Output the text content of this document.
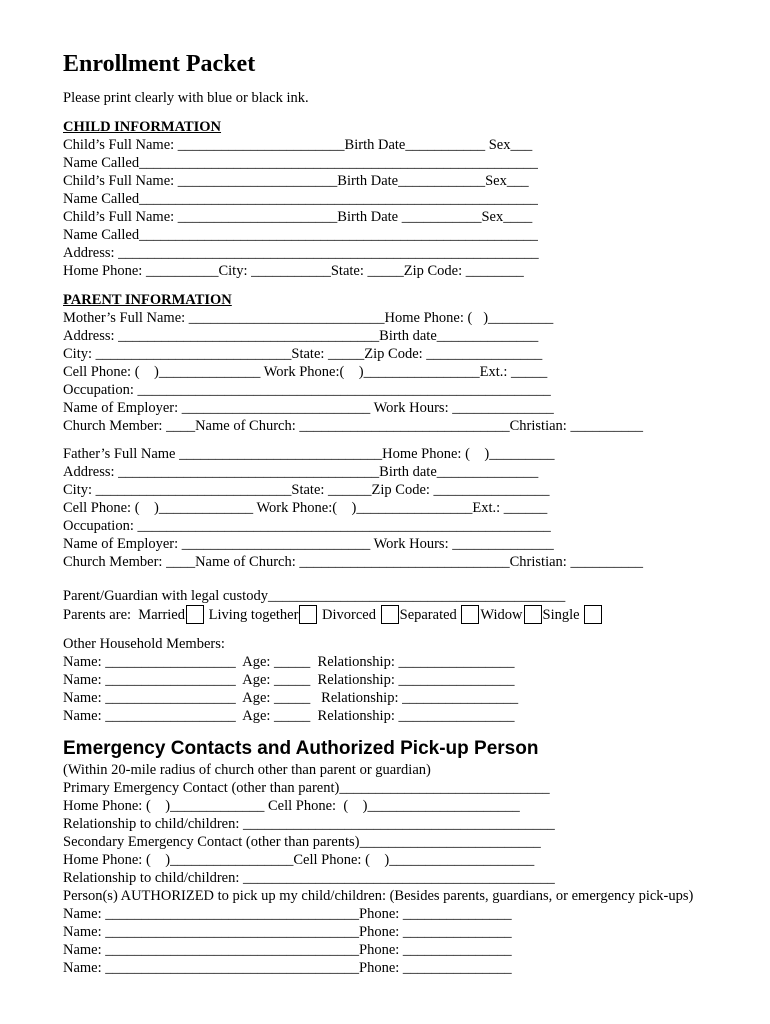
Enrollment Packet
Please print clearly with blue or black ink.
CHILD INFORMATION
Child’s Full Name: _______________________Birth Date___________ Sex___
Name Called_______________________________________________________
Child’s Full Name: ______________________Birth Date____________Sex___
Name Called_______________________________________________________
Child’s Full Name: ______________________Birth Date ___________Sex____
Name Called_______________________________________________________
Address: __________________________________________________________
Home Phone: __________City: ___________State: _____Zip Code: ________
PARENT INFORMATION
Mother’s Full Name: ___________________________Home Phone: (   )_________
Address: ____________________________________Birth date______________
City: ___________________________State: _____Zip Code: ________________
Cell Phone: (    )______________ Work Phone:(    )________________Ext.: _____
Occupation: _________________________________________________________
Name of Employer: __________________________ Work Hours: ______________
Church Member: ____Name of Church: _____________________________Christian: __________
Father’s Full Name ____________________________Home Phone: (    )_________
Address: ____________________________________Birth date______________
City: ___________________________State: ______Zip Code: ________________
Cell Phone: (    )_____________ Work Phone:(    )________________Ext.: ______
Occupation: _________________________________________________________
Name of Employer: __________________________ Work Hours: ______________
Church Member: ____Name of Church: _____________________________Christian: __________
Parent/Guardian with legal custody_________________________________________
Parents are: Married Living together Divorced Separated Widow Single
Other Household Members:
Name: __________________  Age: _____  Relationship: ________________
Name: __________________  Age: _____  Relationship: ________________
Name: __________________  Age: _____   Relationship: ________________
Name: __________________  Age: _____  Relationship: ________________
Emergency Contacts and Authorized Pick-up Person
(Within 20-mile radius of church other than parent or guardian)
Primary Emergency Contact (other than parent)_____________________________
Home Phone: (    )_____________ Cell Phone:  (    )_____________________
Relationship to child/children: ___________________________________________
Secondary Emergency Contact (other than parents)_________________________
Home Phone: (    )_________________Cell Phone: (    )____________________
Relationship to child/children: ___________________________________________
Person(s) AUTHORIZED to pick up my child/children: (Besides parents, guardians, or emergency pick-ups)
Name: ___________________________________Phone: _______________
Name: ___________________________________Phone: _______________
Name: ___________________________________Phone: _______________
Name: ___________________________________Phone: _______________
